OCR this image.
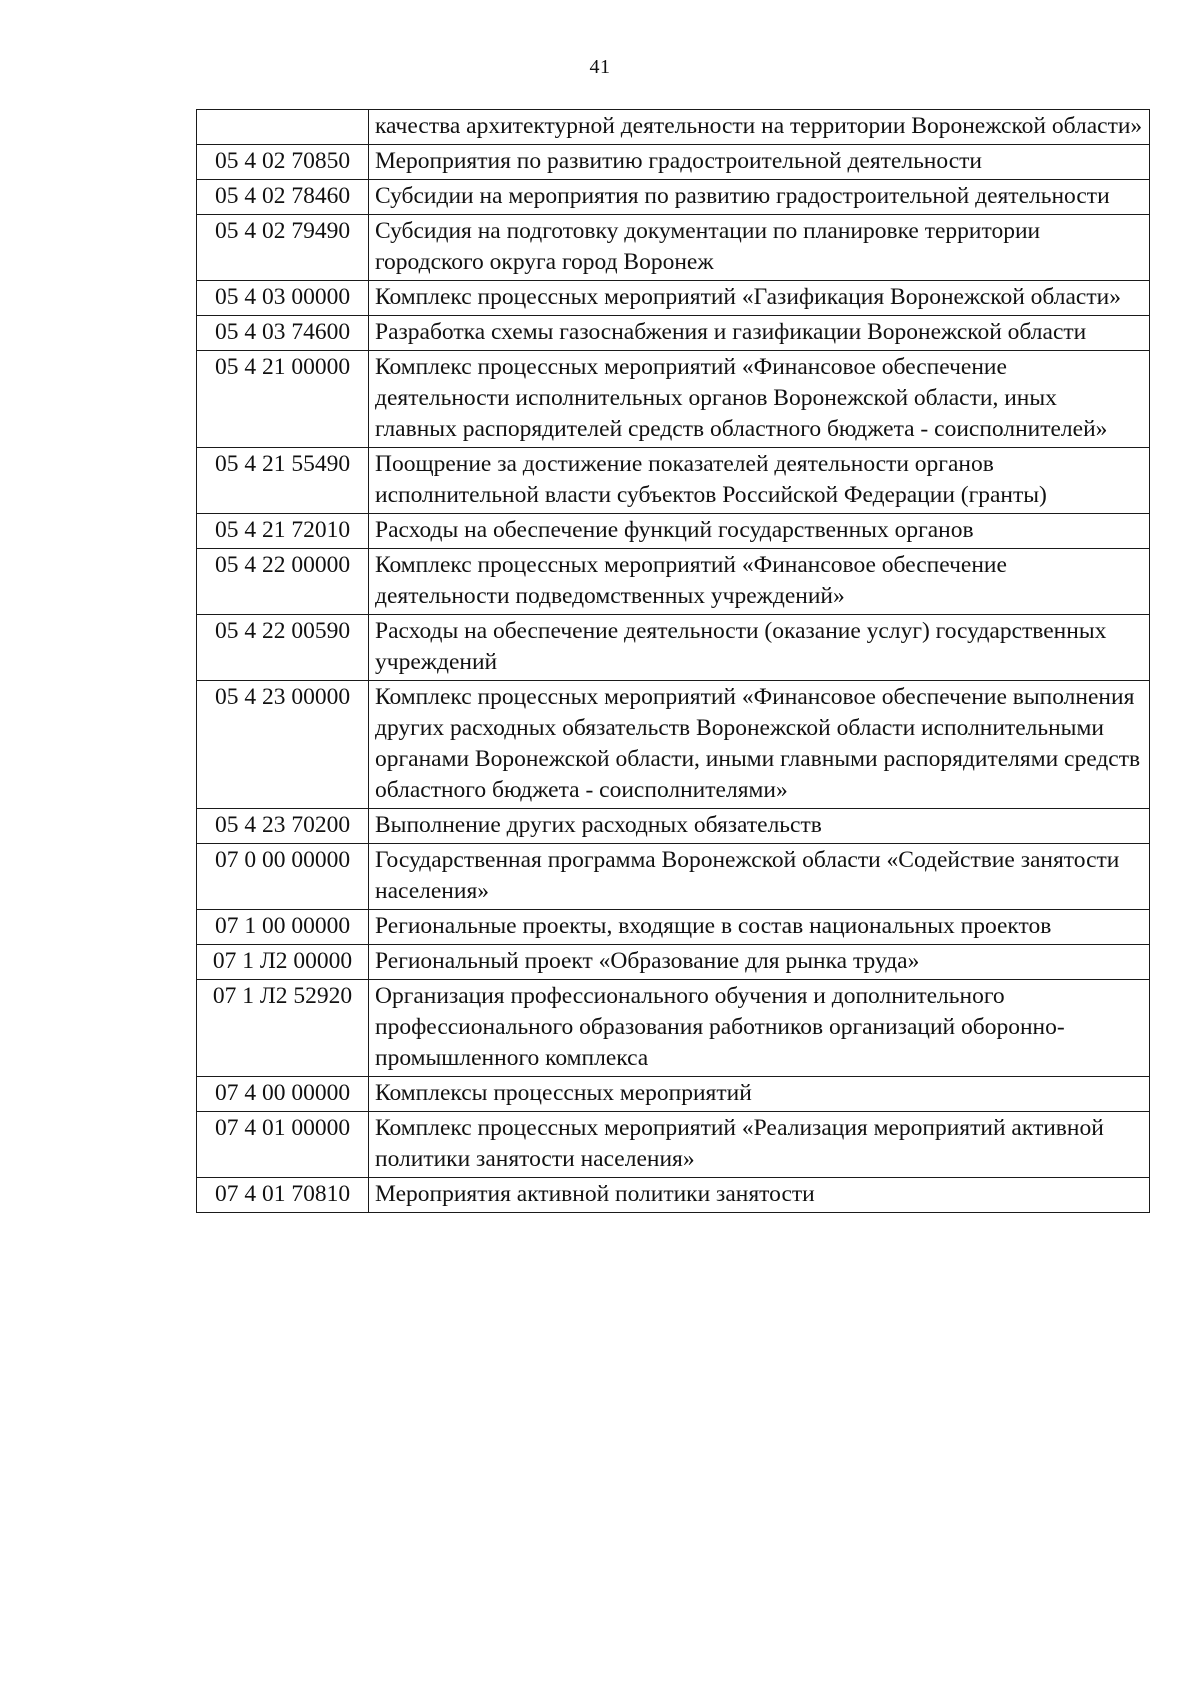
41
	качества архитектурной деятельности на территории Воронежской области»
05 4 02 70850	Мероприятия по развитию градостроительной деятельности
05 4 02 78460	Субсидии на мероприятия по развитию градостроительной деятельности
05 4 02 79490	Субсидия на подготовку документации по планировке территории городского округа город Воронеж
05 4 03 00000	Комплекс процессных мероприятий «Газификация Воронежской области»
05 4 03 74600	Разработка схемы газоснабжения и газификации Воронежской области
05 4 21 00000	Комплекс процессных мероприятий «Финансовое обеспечение деятельности исполнительных органов Воронежской области, иных главных распорядителей средств областного бюджета - соисполнителей»
05 4 21 55490	Поощрение за достижение показателей деятельности органов исполнительной власти субъектов Российской Федерации (гранты)
05 4 21 72010	Расходы на обеспечение функций государственных органов
05 4 22 00000	Комплекс процессных мероприятий «Финансовое обеспечение деятельности подведомственных учреждений»
05 4 22 00590	Расходы на обеспечение деятельности (оказание услуг) государственных учреждений
05 4 23 00000	Комплекс процессных мероприятий «Финансовое обеспечение выполнения других расходных обязательств Воронежской области исполнительными органами Воронежской области, иными главными распорядителями средств областного бюджета - соисполнителями»
05 4 23 70200	Выполнение других расходных обязательств
07 0 00 00000	Государственная программа Воронежской области «Содействие занятости населения»
07 1 00 00000	Региональные проекты, входящие в состав национальных проектов
07 1 Л2 00000	Региональный проект «Образование для рынка труда»
07 1 Л2 52920	Организация профессионального обучения и дополнительного профессионального образования работников организаций оборонно-промышленного комплекса
07 4 00 00000	Комплексы процессных мероприятий
07 4 01 00000	Комплекс процессных мероприятий «Реализация мероприятий активной политики занятости населения»
07 4 01 70810	Мероприятия активной политики занятости
